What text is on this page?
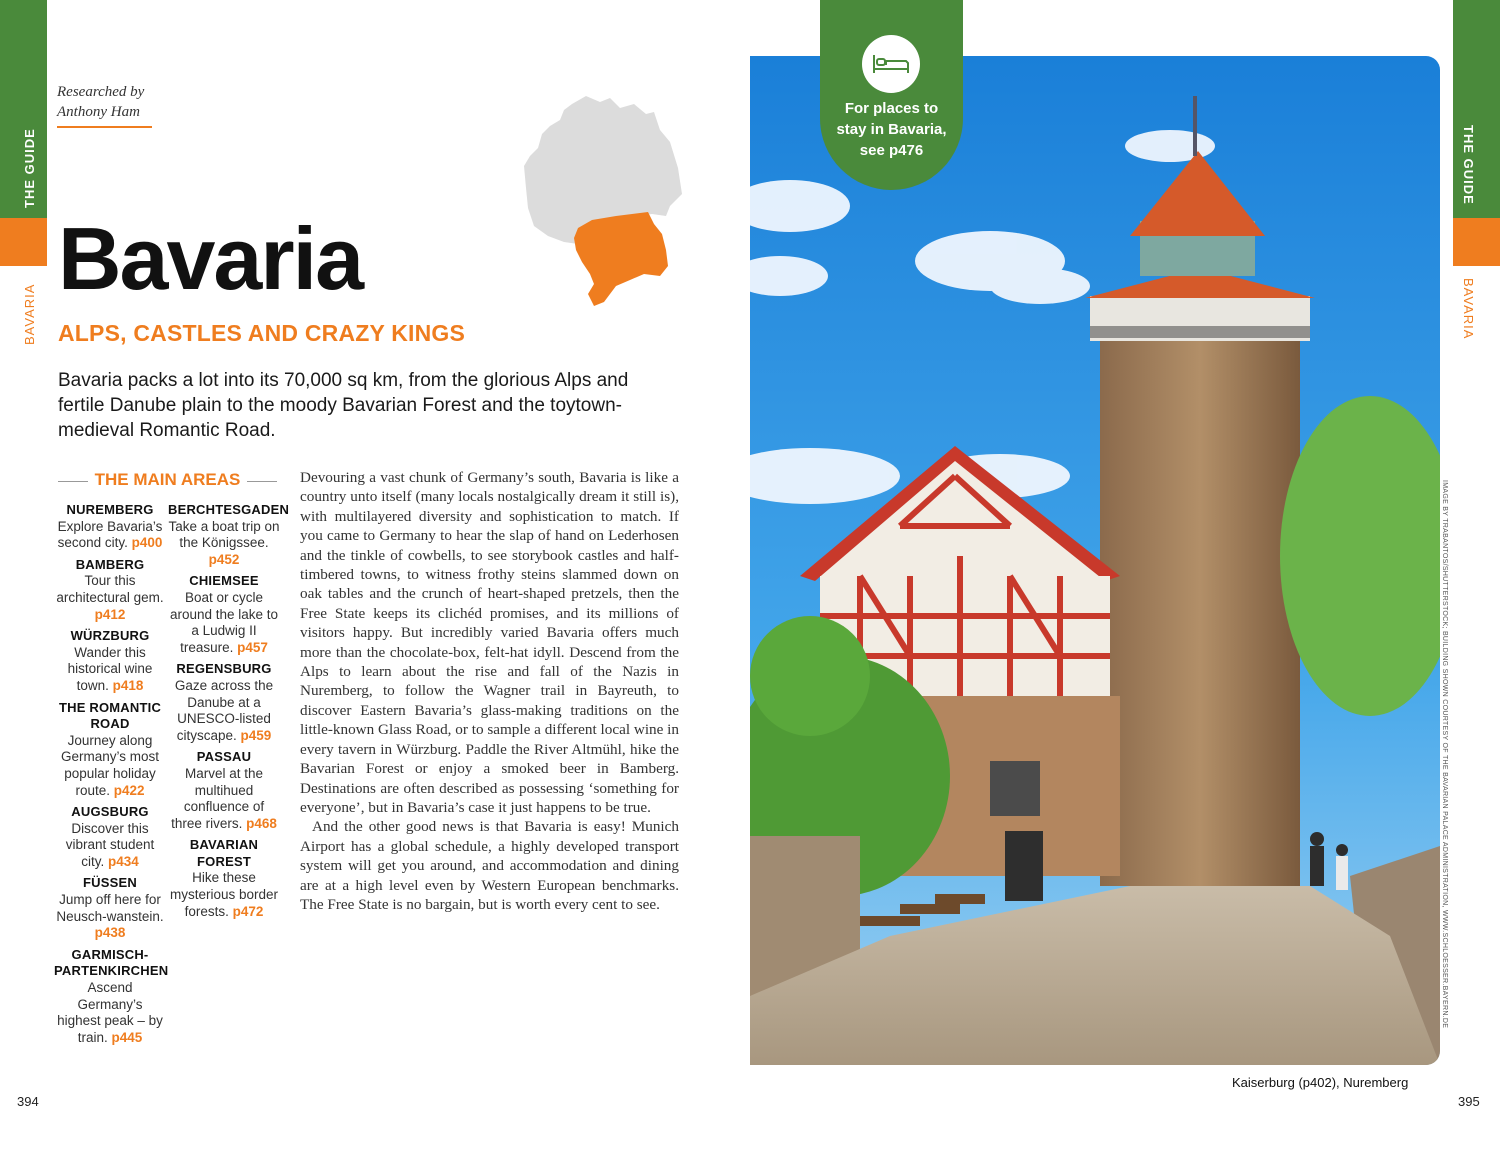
THE GUIDE
BAVARIA
THE GUIDE
BAVARIA
Researched by
Anthony Ham
Bavaria
ALPS, CASTLES AND CRAZY KINGS
Bavaria packs a lot into its 70,000 sq km, from the glorious Alps and fertile Danube plain to the moody Bavarian Forest and the toytown-medieval Romantic Road.
THE MAIN AREAS
NUREMBERG
Explore Bavaria’s second city. p400
BAMBERG
Tour this architectural gem. p412
WÜRZBURG
Wander this historical wine town. p418
THE ROMANTIC ROAD
Journey along Germany’s most popular holiday route. p422
AUGSBURG
Discover this vibrant student city. p434
FÜSSEN
Jump off here for Neusch-wanstein. p438
GARMISCH-PARTENKIRCHEN
Ascend Germany’s highest peak – by train. p445
BERCHTESGADEN
Take a boat trip on the Königssee. p452
CHIEMSEE
Boat or cycle around the lake to a Ludwig II treasure. p457
REGENSBURG
Gaze across the Danube at a UNESCO-listed cityscape. p459
PASSAU
Marvel at the multihued confluence of three rivers. p468
BAVARIAN FOREST
Hike these mysterious border forests. p472

Devouring a vast chunk of Germany’s south, Bavaria is like a country unto itself (many locals nostalgically dream it still is), with multilayered diversity and sophistication to match. If you came to Germany to hear the slap of hand on Lederhosen and the tinkle of cowbells, to see storybook castles and half-timbered towns, to witness frothy steins slammed down on oak tables and the crunch of heart-shaped pretzels, then the Free State keeps its clichéd promises, and its millions of visitors happy. But incredibly varied Bavaria offers much more than the chocolate-box, felt-hat idyll. Descend from the Alps to learn about the rise and fall of the Nazis in Nuremberg, to follow the Wagner trail in Bayreuth, to discover Eastern Bavaria’s glass-making traditions on the little-known Glass Road, or to sample a different local wine in every tavern in Würzburg. Paddle the River Altmühl, hike the Bavarian Forest or enjoy a smoked beer in Bamberg. Destinations are often described as possessing ‘something for everyone’, but in Bavaria’s case it just happens to be true.

And the other good news is that Bavaria is easy! Munich Airport has a global schedule, a highly developed transport system will get you around, and accommodation and dining are at a high level even by Western European benchmarks. The Free State is no bargain, but is worth every cent to see.

394	395
For places to stay in Bavaria, see p476
Kaiserburg (p402), Nuremberg
IMAGE BY TRABANTOS/SHUTTERSTOCK; BUILDING SHOWN COURTESY OF THE BAVARIAN PALACE ADMINISTRATION, WWW.SCHLOESSER.BAYERN.DE
